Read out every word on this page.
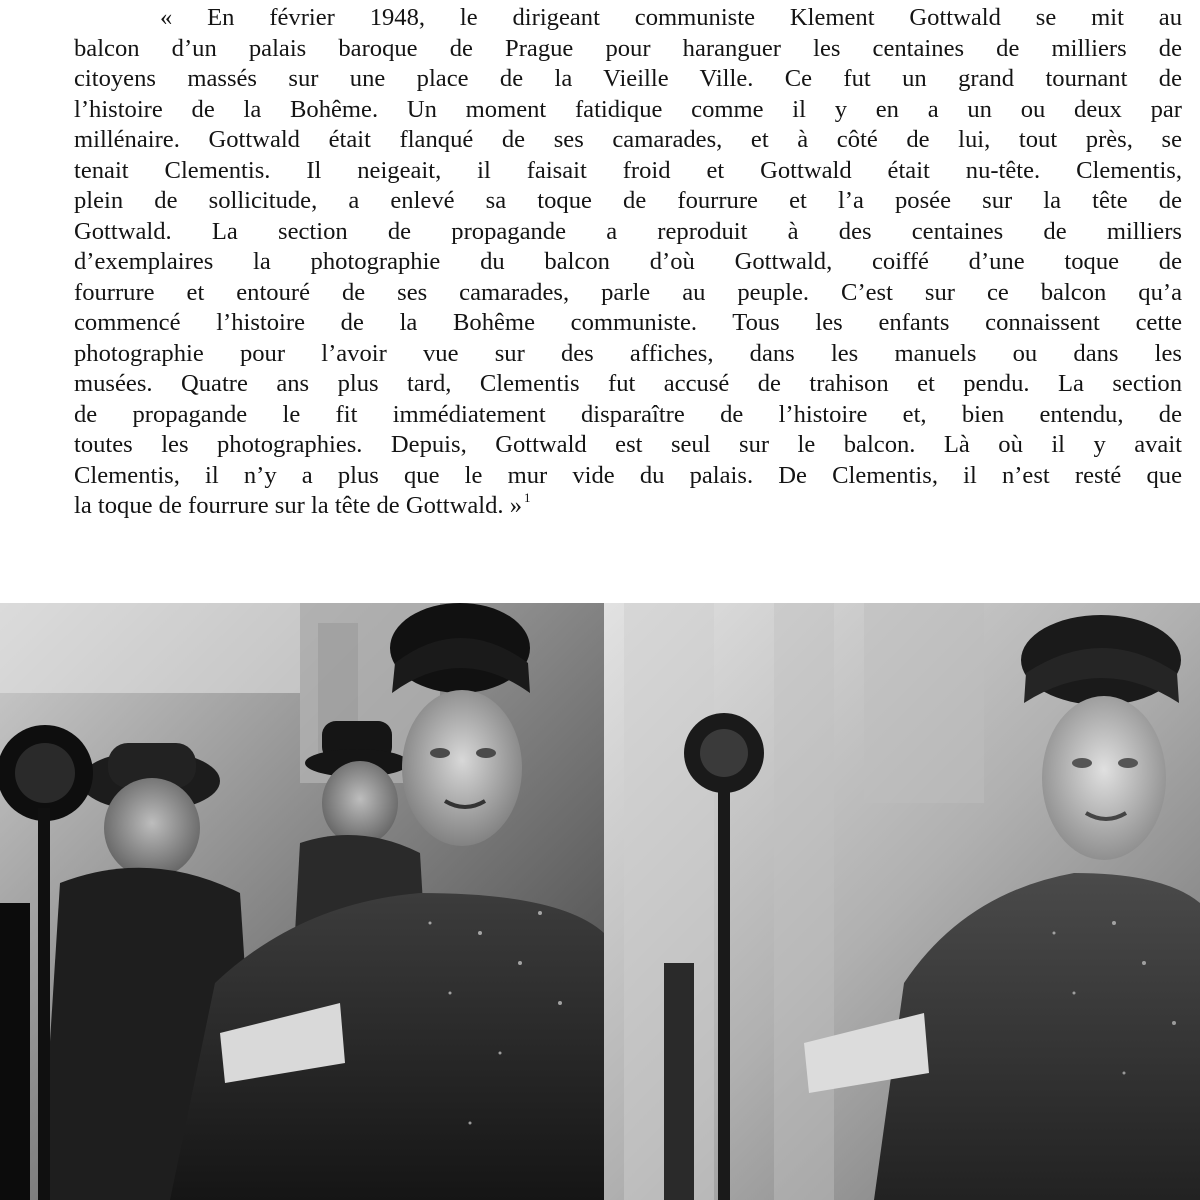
« En février 1948, le dirigeant communiste Klement Gottwald se mit au
balcon d’un palais baroque de Prague pour haranguer les centaines de milliers de
citoyens massés sur une place de la Vieille Ville. Ce fut un grand tournant de
l’histoire de la Bohême. Un moment fatidique comme il y en a un ou deux par
millénaire. Gottwald était flanqué de ses camarades, et à côté de lui, tout près, se
tenait Clementis. Il neigeait, il faisait froid et Gottwald était nu-tête. Clementis,
plein de sollicitude, a enlevé sa toque de fourrure et l’a posée sur la tête de
Gottwald. La section de propagande a reproduit à des centaines de milliers
d’exemplaires la photographie du balcon d’où Gottwald, coiffé d’une toque de
fourrure et entouré de ses camarades, parle au peuple. C’est sur ce balcon qu’a
commencé l’histoire de la Bohême communiste. Tous les enfants connaissent cette
photographie pour l’avoir vue sur des affiches, dans les manuels ou dans les
musées. Quatre ans plus tard, Clementis fut accusé de trahison et pendu. La section
de propagande le fit immédiatement disparaître de l’histoire et, bien entendu, de
toutes les photographies. Depuis, Gottwald est seul sur le balcon. Là où il y avait
Clementis, il n’y a plus que le mur vide du palais. De Clementis, il n’est resté que
la toque de fourrure sur la tête de Gottwald. » $^1$
